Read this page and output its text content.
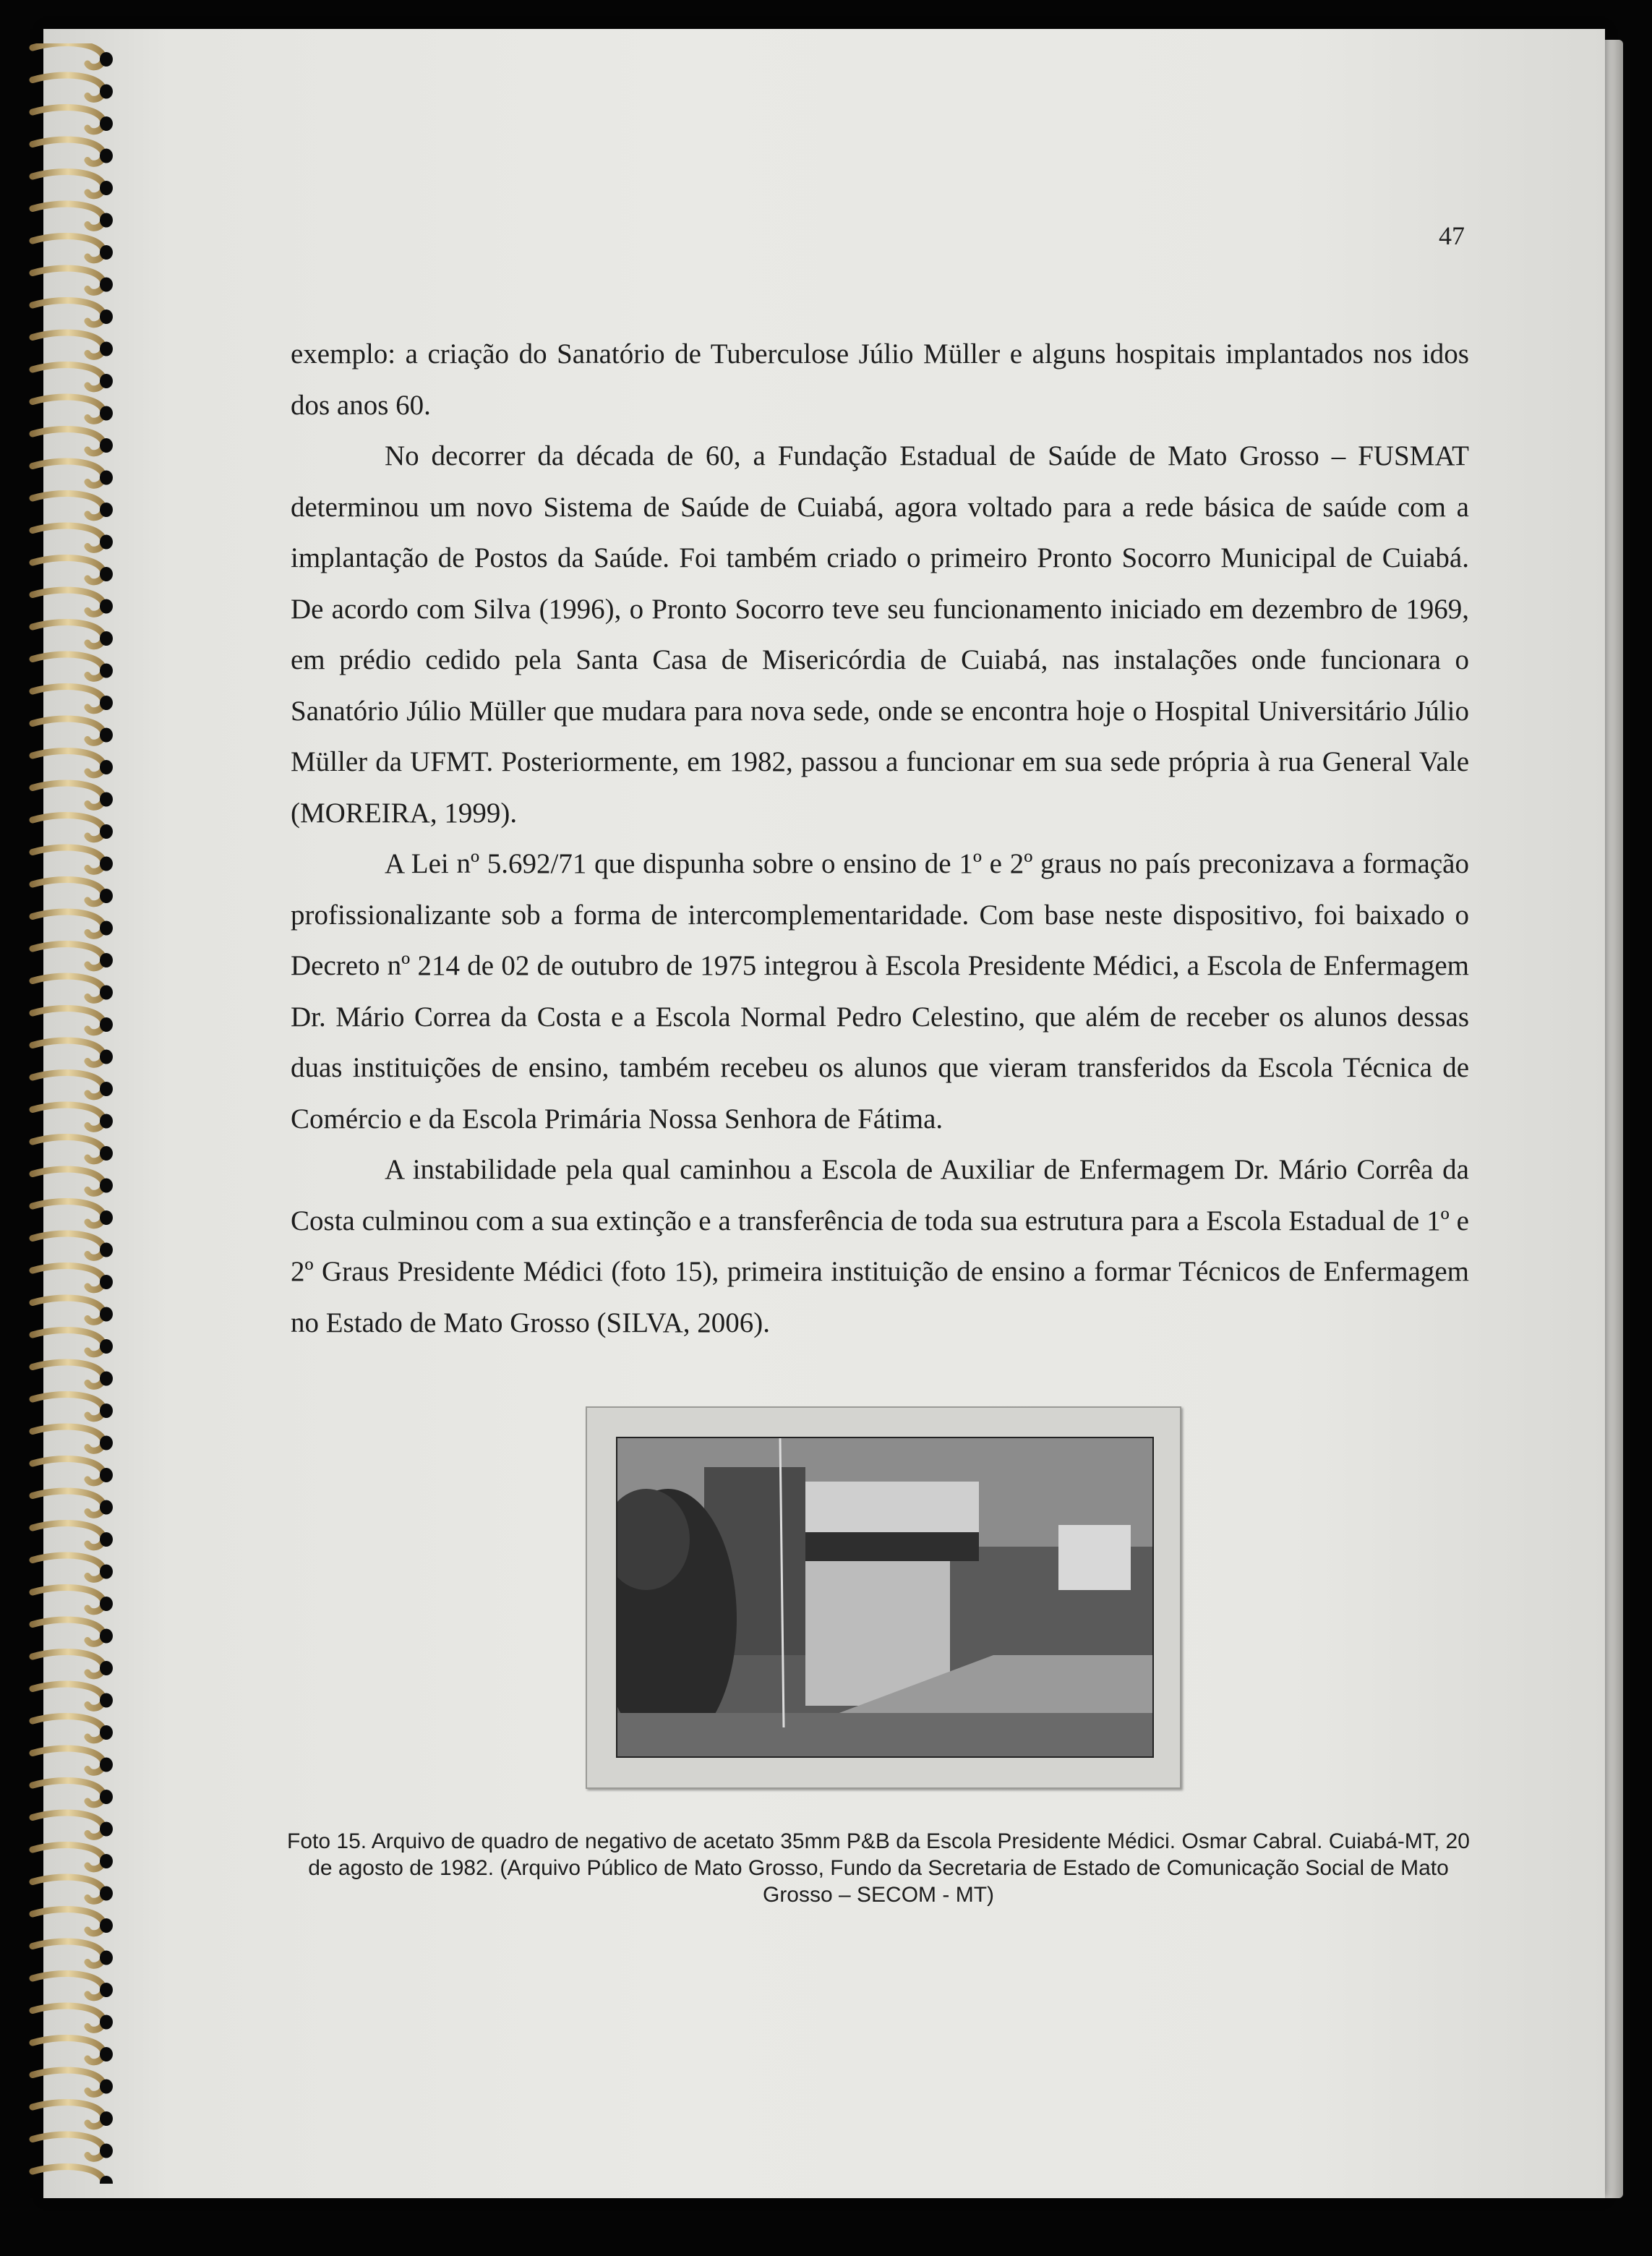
47

exemplo: a criação do Sanatório de Tuberculose Júlio Müller e alguns hospitais implantados nos idos dos anos 60.

No decorrer da década de 60, a Fundação Estadual de Saúde de Mato Grosso – FUSMAT determinou um novo Sistema de Saúde de Cuiabá, agora voltado para a rede básica de saúde com a implantação de Postos da Saúde. Foi também criado o primeiro Pronto Socorro Municipal de Cuiabá. De acordo com Silva (1996), o Pronto Socorro teve seu funcionamento iniciado em dezembro de 1969, em prédio cedido pela Santa Casa de Misericórdia de Cuiabá, nas instalações onde funcionara o Sanatório Júlio Müller que mudara para nova sede, onde se encontra hoje o Hospital Universitário Júlio Müller da UFMT. Posteriormente, em 1982, passou a funcionar em sua sede própria à rua General Vale (MOREIRA, 1999).

A Lei nº 5.692/71 que dispunha sobre o ensino de 1º e 2º graus no país preconizava a formação profissionalizante sob a forma de intercomplementaridade. Com base neste dispositivo, foi baixado o Decreto nº 214 de 02 de outubro de 1975 integrou à Escola Presidente Médici, a Escola de Enfermagem Dr. Mário Correa da Costa e a Escola Normal Pedro Celestino, que além de receber os alunos dessas duas instituições de ensino, também recebeu os alunos que vieram transferidos da Escola Técnica de Comércio e da Escola Primária Nossa Senhora de Fátima.

A instabilidade pela qual caminhou a Escola de Auxiliar de Enfermagem Dr. Mário Corrêa da Costa culminou com a sua extinção e a transferência de toda sua estrutura para a Escola Estadual de 1º e 2º Graus Presidente Médici (foto 15), primeira instituição de ensino a formar Técnicos de Enfermagem no Estado de Mato Grosso (SILVA, 2006).

Foto 15. Arquivo de quadro de negativo de acetato 35mm P&B da Escola Presidente Médici. Osmar Cabral. Cuiabá-MT, 20 de agosto de 1982. (Arquivo Público de Mato Grosso, Fundo da Secretaria de Estado de Comunicação Social de Mato Grosso – SECOM - MT)
